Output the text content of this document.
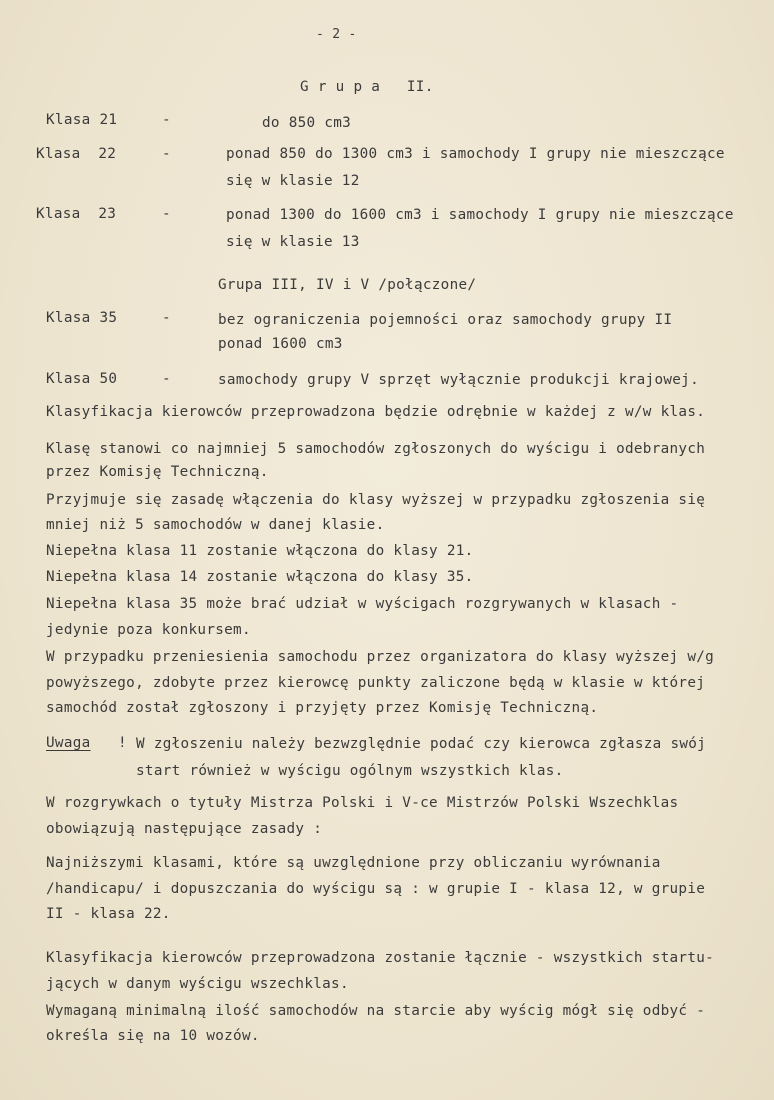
- 2 -
G r u p a   II.
Klasa 21	-	do 850 cm3
Klasa  22	-	ponad 850 do 1300 cm3 i samochody I grupy nie mieszczące
się w klasie 12
Klasa  23	-	ponad 1300 do 1600 cm3 i samochody I grupy nie mieszczące
się w klasie 13
Grupa III, IV i V /połączone/
Klasa 35	-	bez ograniczenia pojemności oraz samochody grupy II
ponad 1600 cm3
Klasa 50	-	samochody grupy V sprzęt wyłącznie produkcji krajowej.
Klasyfikacja kierowców przeprowadzona będzie odrębnie w każdej z w/w klas.
Klasę stanowi co najmniej 5 samochodów zgłoszonych do wyścigu i odebranych
przez Komisję Techniczną.
Przyjmuje się zasadę włączenia do klasy wyższej w przypadku zgłoszenia się
mniej niż 5 samochodów w danej klasie.
Niepełna klasa 11 zostanie włączona do klasy 21.
Niepełna klasa 14 zostanie włączona do klasy 35.
Niepełna klasa 35 może brać udział w wyścigach rozgrywanych w klasach -
jedynie poza konkursem.
W przypadku przeniesienia samochodu przez organizatora do klasy wyższej w/g
powyższego, zdobyte przez kierowcę punkty zaliczone będą w klasie w której
samochód został zgłoszony i przyjęty przez Komisję Techniczną.
Uwaga ! W zgłoszeniu należy bezwzględnie podać czy kierowca zgłasza swój
start również w wyścigu ogólnym wszystkich klas.
W rozgrywkach o tytuły Mistrza Polski i V-ce Mistrzów Polski Wszechklas
obowiązują następujące zasady :
Najniższymi klasami, które są uwzględnione przy obliczaniu wyrównania
/handicapu/ i dopuszczania do wyścigu są : w grupie I - klasa 12, w grupie
II - klasa 22.
Klasyfikacja kierowców przeprowadzona zostanie łącznie - wszystkich startu-
jących w danym wyścigu wszechklas.
Wymaganą minimalną ilość samochodów na starcie aby wyścig mógł się odbyć -
określa się na 10 wozów.
